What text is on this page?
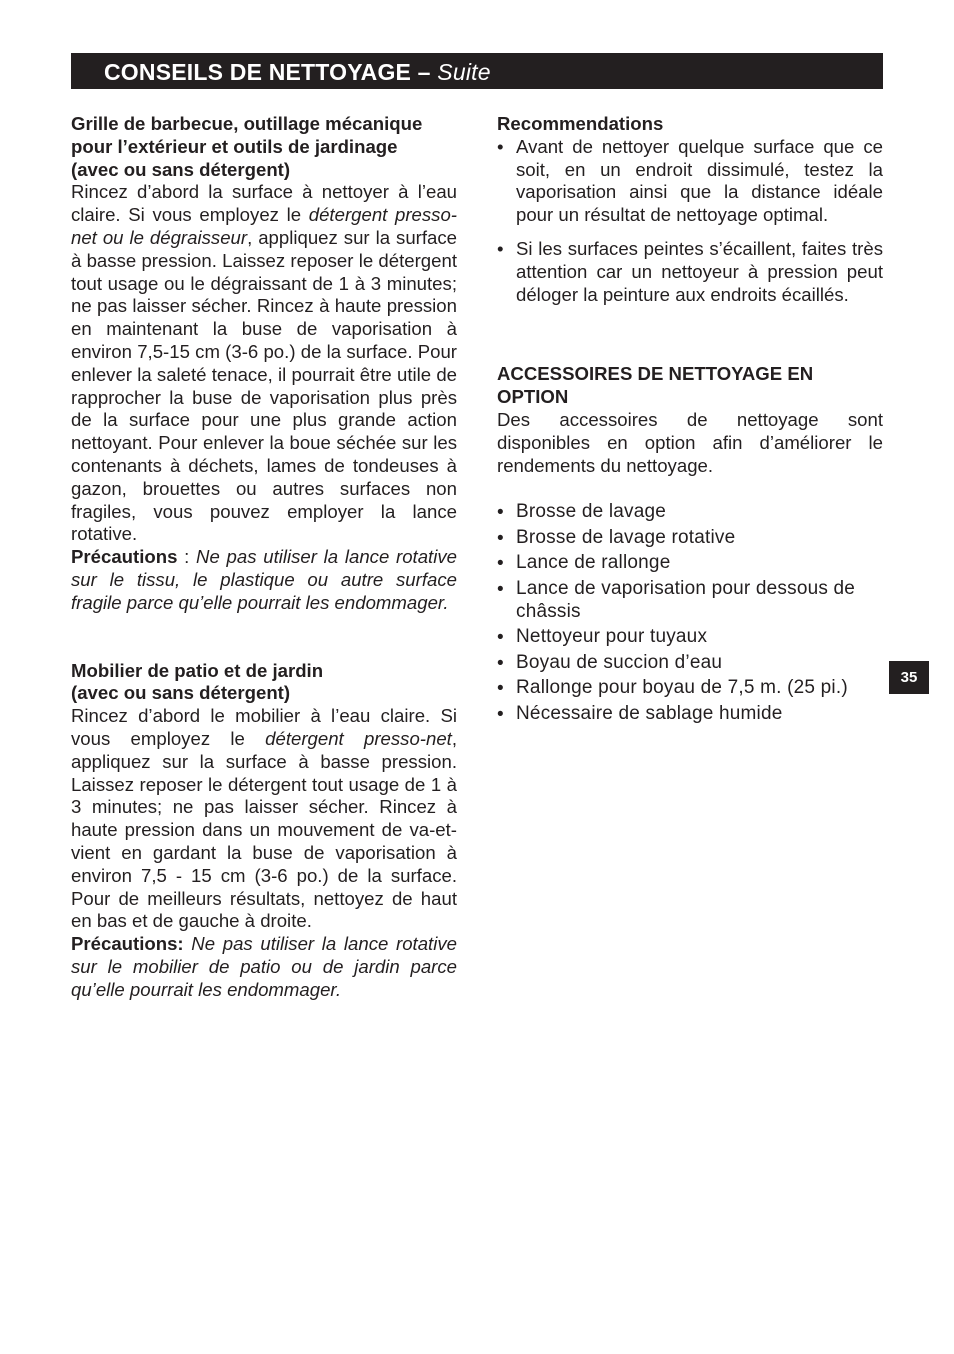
CONSEILS DE NETTOYAGE – Suite

Grille de barbecue, outillage mécanique pour l’extérieur et outils de jardinage

(avec ou sans détergent)

Rincez d’abord la surface à nettoyer à l’eau claire. Si vous employez le détergent presso-net ou le dégraisseur, appliquez sur la surface à basse pression. Laissez reposer le détergent tout usage ou le dégraissant de 1 à 3 minutes; ne pas laisser sécher. Rincez à haute pression en maintenant la buse de vaporisation à environ 7,5-15 cm (3-6 po.) de la surface. Pour enlever la saleté tenace, il pourrait être utile de rapprocher la buse de vaporisation plus près de la surface pour une plus grande action nettoyant. Pour enlever la boue séchée sur les contenants à déchets, lames de tondeuses à gazon, brouettes ou autres surfaces non fragiles, vous pouvez employer la lance rotative.

Précautions : Ne pas utiliser la lance rotative sur le tissu, le plastique ou autre surface fragile parce qu’elle pourrait les endommager.

Mobilier de patio et de jardin

(avec ou sans détergent)

Rincez d’abord le mobilier à l’eau claire. Si vous employez le détergent presso-net, appliquez sur la surface à basse pression. Laissez reposer le détergent tout usage de 1 à 3 minutes; ne pas laisser sécher. Rincez à haute pression dans un mouvement de va-et-vient en gardant la buse de vaporisation à environ 7,5 - 15 cm (3-6 po.) de la surface. Pour de meilleurs résultats, nettoyez de haut en bas et de gauche à droite.

Précautions: Ne pas utiliser la lance rotative sur le mobilier de patio ou de jardin parce qu’elle pourrait les endommager.

Recommendations

• Avant de nettoyer quelque surface que ce soit, en un endroit dissimulé, testez la vaporisation ainsi que la distance idéale pour un résultat de nettoyage optimal.
• Si les surfaces peintes s’écaillent, faites très attention car un nettoyeur à pression peut déloger la peinture aux endroits écaillés.

ACCESSOIRES DE NETTOYAGE EN OPTION

Des accessoires de nettoyage sont disponibles en option afin d’améliorer le rendements du nettoyage.

• Brosse de lavage
• Brosse de lavage rotative
• Lance de rallonge
• Lance de vaporisation pour dessous de châssis
• Nettoyeur pour tuyaux
• Boyau de succion d’eau
• Rallonge pour boyau de 7,5 m. (25 pi.)
• Nécessaire de sablage humide
35
